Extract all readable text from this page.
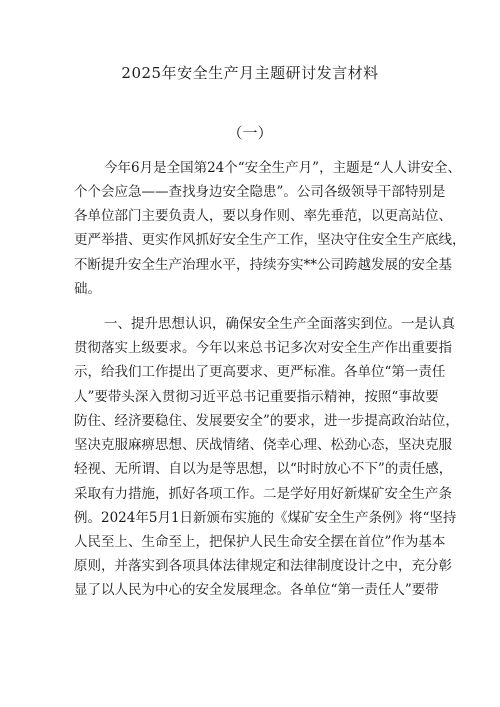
2025年安全生产月主题研讨发言材料
（一）
今年6月是全国第24个“安全生产月”，主题是“人人讲安全、
个个会应急——查找身边安全隐患”。公司各级领导干部特别是
各单位部门主要负责人，要以身作则、率先垂范，以更高站位、
更严举措、更实作风抓好安全生产工作，坚决守住安全生产底线，
不断提升安全生产治理水平，持续夯实**公司跨越发展的安全基
础。
一、提升思想认识，确保安全生产全面落实到位。一是认真
贯彻落实上级要求。今年以来总书记多次对安全生产作出重要指
示，给我们工作提出了更高要求、更严标准。各单位“第一责任
人”要带头深入贯彻习近平总书记重要指示精神，按照“事故要
防住、经济要稳住、发展要安全”的要求，进一步提高政治站位，
坚决克服麻痹思想、厌战情绪、侥幸心理、松劲心态，坚决克服
轻视、无所谓、自以为是等思想，以“时时放心不下”的责任感，
采取有力措施，抓好各项工作。二是学好用好新煤矿安全生产条
例。2024年5月1日新颁布实施的《煤矿安全生产条例》将“坚持
人民至上、生命至上，把保护人民生命安全摆在首位”作为基本
原则，并落实到各项具体法律规定和法律制度设计之中，充分彰
显了以人民为中心的安全发展理念。各单位“第一责任人”要带
